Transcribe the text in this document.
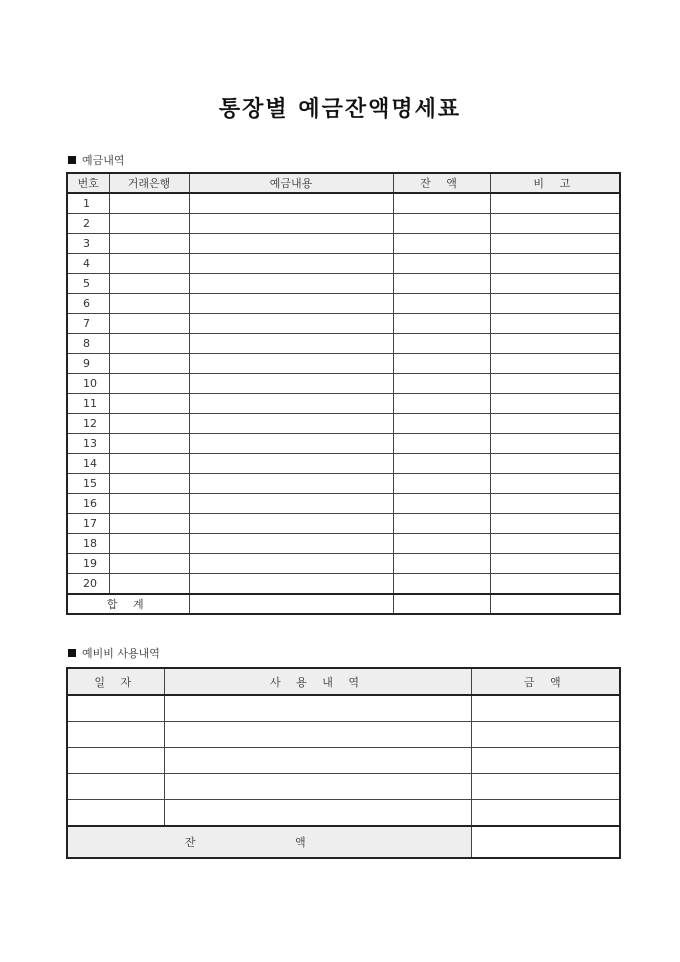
통장별 예금잔액명세표
예금내역
번호	거래은행	예금내용	잔 액	비 고
1				
2				
3				
4				
5				
6				
7				
8				
9				
10				
11				
12				
13				
14				
15				
16				
17				
18				
19				
20				
합 계				
예비비 사용내역
일 자	사 용 내 역	금 액

잔 액		
